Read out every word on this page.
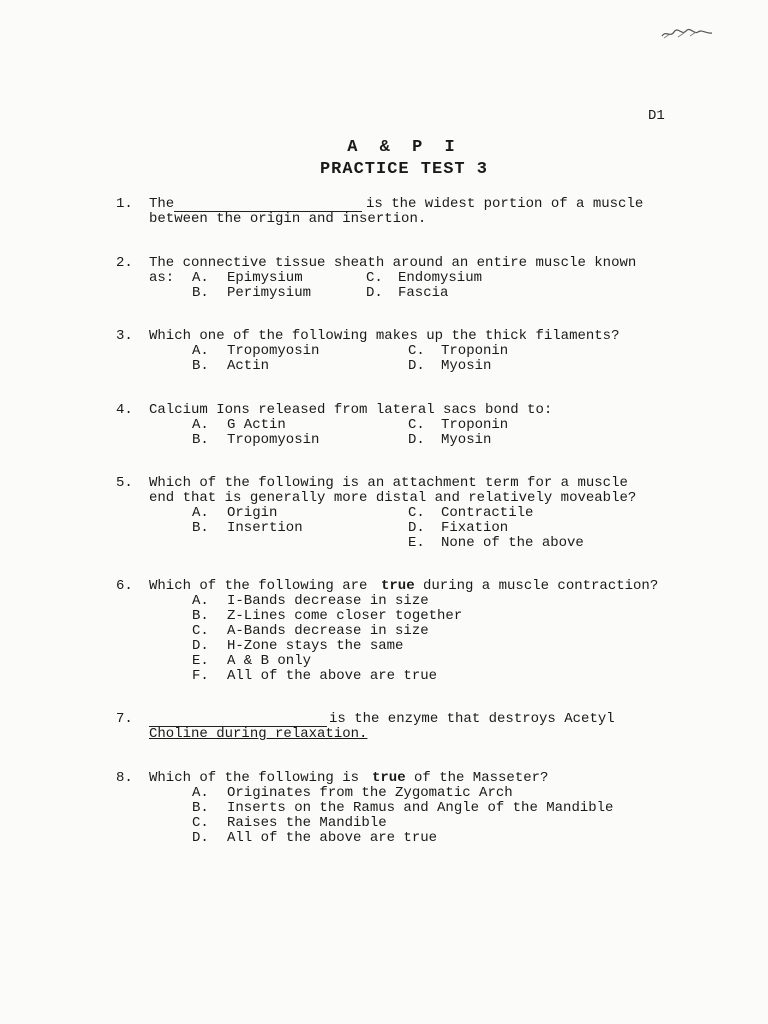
D1
A & P I
PRACTICE TEST 3
1. The	is the widest portion of a muscle
between the origin and insertion.
2. The connective tissue sheath around an entire muscle known
as: A. Epimysium
B. Perimysium
C. Endomysium
D. Fascia
3. Which one of the following makes up the thick filaments?
A. Tropomyosin
B. Actin
C. Troponin
D. Myosin
4. Calcium Ions released from lateral sacs bond to:
A. G Actin
B. Tropomyosin
C. Troponin
D. Myosin
5. Which of the following is an attachment term for a muscle
end that is generally more distal and relatively moveable?
A. Origin
B. Insertion
C. Contractile
D. Fixation
E. None of the above
6. Which of the following are true during a muscle contraction?
A. I-Bands decrease in size
B. Z-Lines come closer together
C. A-Bands decrease in size
D. H-Zone stays the same
E. A & B only
F. All of the above are true
7.	is the enzyme that destroys Acetyl
Choline during relaxation.
8. Which of the following is true of the Masseter?
A. Originates from the Zygomatic Arch
B. Inserts on the Ramus and Angle of the Mandible
C. Raises the Mandible
D. All of the above are true
